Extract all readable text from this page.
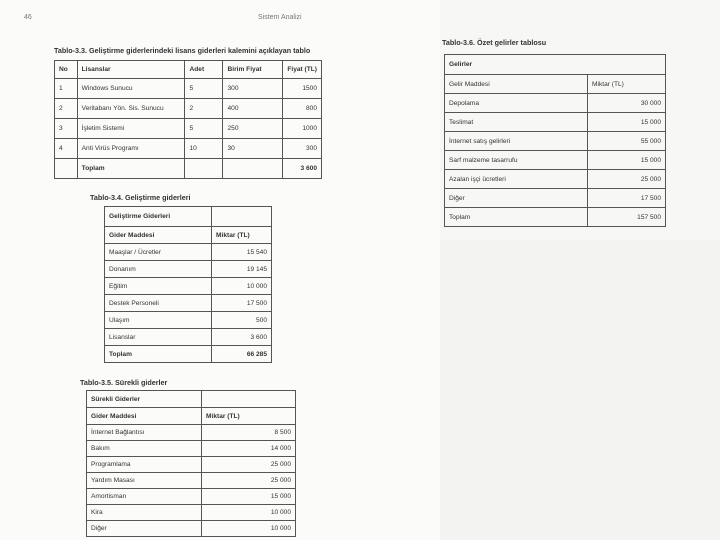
46	Sistem Analizi
Tablo-3.3. Geliştirme giderlerindeki lisans giderleri kalemini açıklayan tablo
No	Lisanslar	Adet	Birim Fiyat	Fiyat (TL)
1	Windows Sunucu	5	300	1500
2	Veritabanı Yön. Sis. Sunucu	2	400	800
3	İşletim Sistemi	5	250	1000
4	Anti Virüs Programı	10	30	300
	Toplam			3 600
Tablo-3.4. Geliştirme giderleri
Geliştirme Giderleri	
Gider Maddesi	Miktar (TL)
Maaşlar / Ücretler	15 540
Donanım	19 145
Eğitim	10 000
Destek Personeli	17 500
Ulaşım	500
Lisanslar	3 600
Toplam	66 285
Tablo-3.5. Sürekli giderler
Sürekli Giderler	
Gider Maddesi	Miktar (TL)
İnternet Bağlantısı	8 500
Bakım	14 000
Programlama	25 000
Yardım Masası	25 000
Amortisman	15 000
Kira	10 000
Diğer	10 000
Tablo-3.6. Özet gelirler tablosu
Gelirler	
Gelir Maddesi	Miktar (TL)
Depolama	30 000
Teslimat	15 000
İnternet satış gelirleri	55 000
Sarf malzeme tasarrufu	15 000
Azalan işçi ücretleri	25 000
Diğer	17 500
Toplam	157 500
